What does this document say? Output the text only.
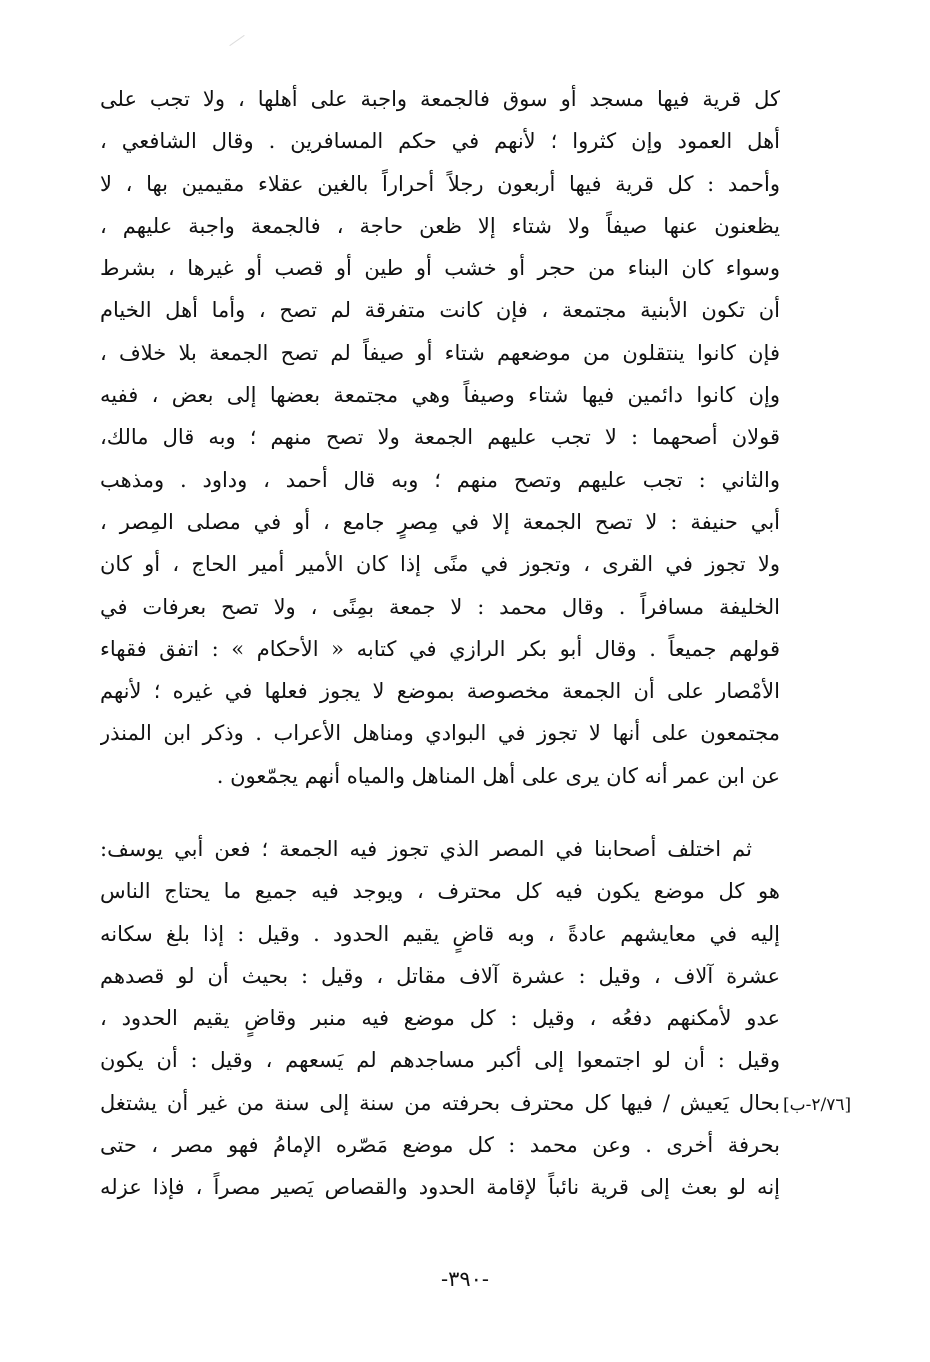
كل قرية فيها مسجد أو سوق فالجمعة واجبة على أهلها ، ولا تجب على
أهل العمود وإن كثروا ؛ لأنهم في حكم المسافرين . وقال الشافعي ،
وأحمد : كل قرية فيها أربعون رجلاً أحراراً بالغين عقلاء مقيمين بها ، لا
يظعنون عنها صيفاً ولا شتاء إلا ظعن حاجة ، فالجمعة واجبة عليهم ،
وسواء كان البناء من حجر أو خشب أو طين أو قصب أو غيرها ، بشرط
أن تكون الأبنية مجتمعة ، فإن كانت متفرقة لم تصح ، وأما أهل الخيام
فإن كانوا ينتقلون من موضعهم شتاء أو صيفاً لم تصح الجمعة بلا خلاف ،
وإن كانوا دائمين فيها شتاء وصيفاً وهي مجتمعة بعضها إلى بعض ، ففيه
قولان أصحهما : لا تجب عليهم الجمعة ولا تصح منهم ؛ وبه قال مالك،
والثاني : تجب عليهم وتصح منهم ؛ وبه قال أحمد ، وداود . ومذهب
أبي حنيفة : لا تصح الجمعة إلا في مِصرٍ جامع ، أو في مصلى المِصر ،
ولا تجوز في القرى ، وتجوز في منًى إذا كان الأمير أمير الحاج ، أو كان
الخليفة مسافراً . وقال محمد : لا جمعة بمِنًى ، ولا تصح بعرفات في
قولهم جميعاً . وقال أبو بكر الرازي في كتابه « الأحكام » : اتفق فقهاء
الأمْصار على أن الجمعة مخصوصة بموضع لا يجوز فعلها في غيره ؛ لأنهم
مجتمعون على أنها لا تجوز في البوادي ومناهل الأعراب . وذكر ابن المنذر
عن ابن عمر أنه كان يرى على أهل المناهل والمياه أنهم يجمّعون .
ثم اختلف أصحابنا في المصر الذي تجوز فيه الجمعة ؛ فعن أبي يوسف:
هو كل موضع يكون فيه كل محترف ، ويوجد فيه جميع ما يحتاج الناس
إليه في معايشهم عادةً ، وبه قاضٍ يقيم الحدود . وقيل : إذا بلغ سكانه
عشرة آلاف ، وقيل : عشرة آلاف مقاتل ، وقيل : بحيث أن لو قصدهم
عدو لأمكنهم دفعُه ، وقيل : كل موضع فيه منبر وقاضٍ يقيم الحدود ،
وقيل : أن لو اجتمعوا إلى أكبر مساجدهم لم يَسعهم ، وقيل : أن يكون
بحال يَعيش / فيها كل محترف بحرفته من سنة إلى سنة من غير أن يشتغل
بحرفة أخرى . وعن محمد : كل موضع مَصّره الإمامُ فهو مصر ، حتى
إنه لو بعث إلى قرية نائباً لإقامة الحدود والقصاص يَصير مصراً ، فإذا عزله
[٢/٧٦-ب]
-٣٩٠-
